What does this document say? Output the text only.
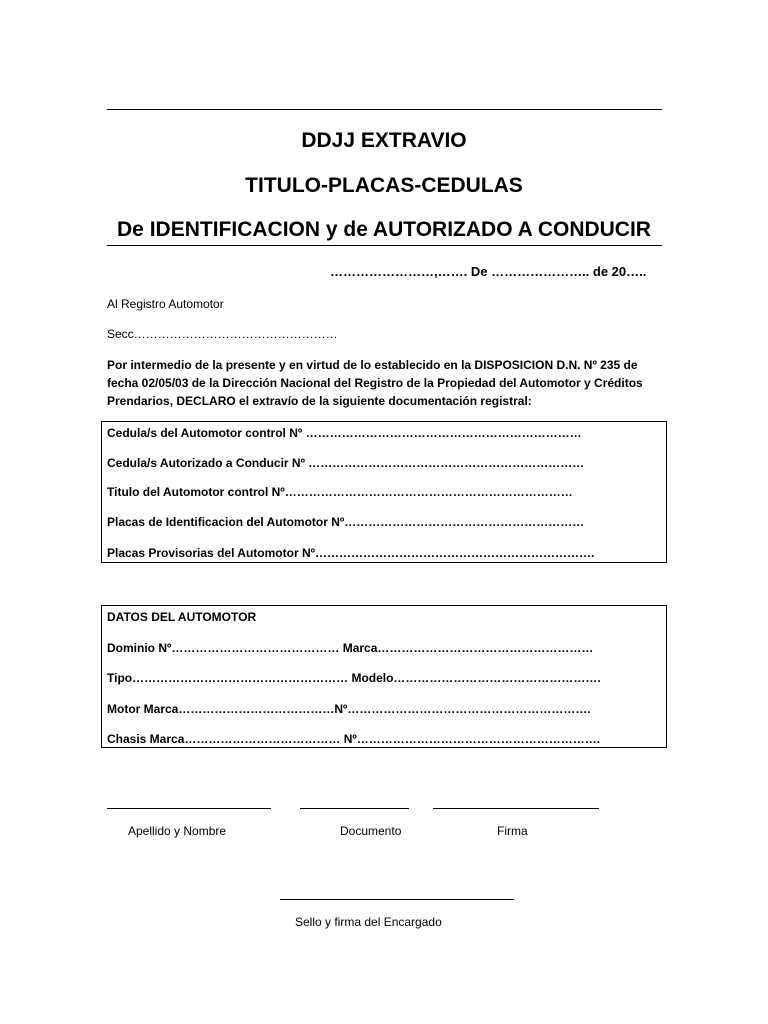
DDJJ EXTRAVIO
TITULO-PLACAS-CEDULAS
De IDENTIFICACION y de AUTORIZADO A CONDUCIR
……………………,……. De ………………….. de 20…..
Al Registro Automotor
Secc……………………………………………
Por intermedio de la presente y en virtud de lo establecido en la DISPOSICION D.N. Nº 235 de fecha 02/05/03 de la Dirección Nacional del Registro de la Propiedad del Automotor y Créditos Prendarios, DECLARO el extravío de la siguiente documentación registral:
Cedula/s del Automotor control Nº ……………………………………………………………
Cedula/s Autorizado a Conducir Nº ……………………………………………………………
Titulo del Automotor control Nº………………………………………………………………
Placas de Identificacion del Automotor Nº……………………………………………………
Placas Provisorias del Automotor Nº…………………………………………………………….
DATOS DEL AUTOMOTOR
Dominio Nº…………………………………… Marca………………………………………………
Tipo……………………………………………… Modelo…………………………………………….
Motor Marca…………………………………Nº…………………………………………………….
Chasis Marca………………………………… Nº…………………………………………………….
Apellido y Nombre	Documento	Firma
Sello y firma del Encargado
